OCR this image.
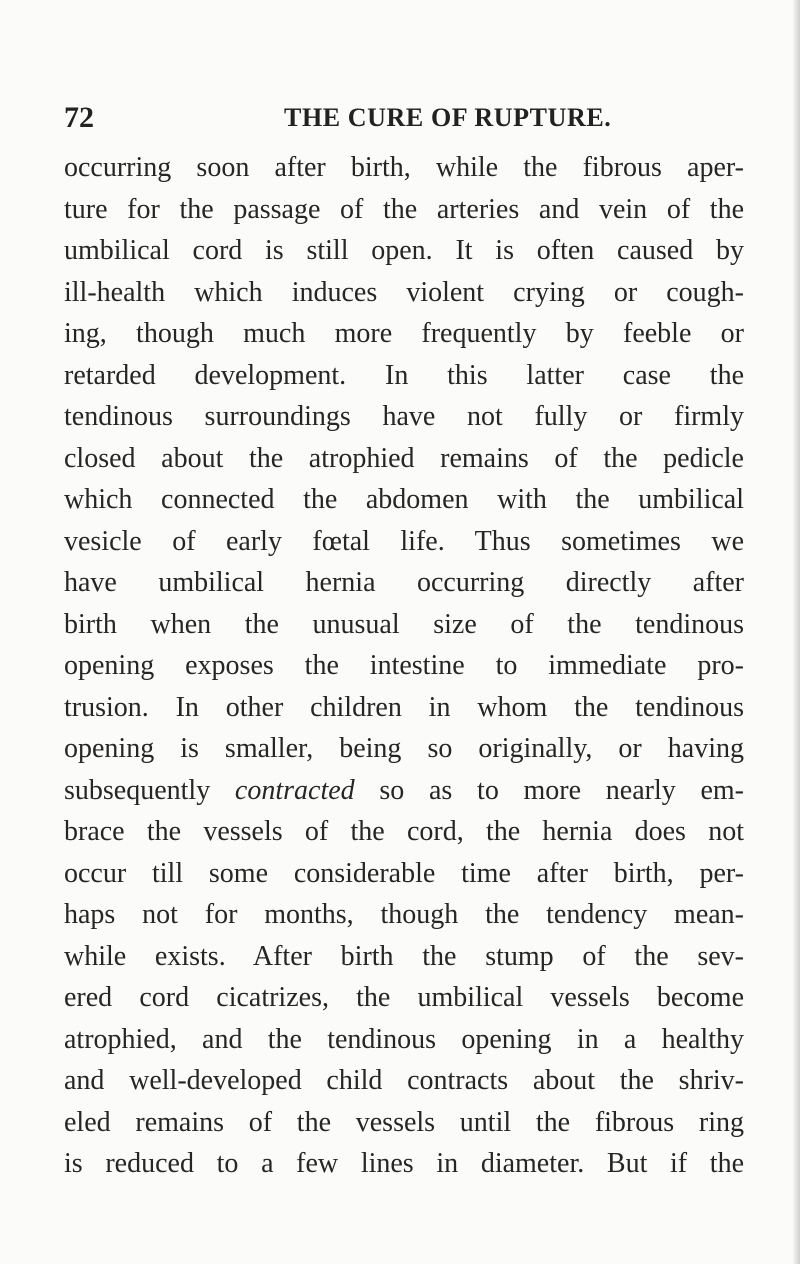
72	THE CURE OF RUPTURE.
occurring soon after birth, while the fibrous aper-
ture for the passage of the arteries and vein of the
umbilical cord is still open. It is often caused by
ill-health which induces violent crying or cough-
ing, though much more frequently by feeble or
retarded development. In this latter case the
tendinous surroundings have not fully or firmly
closed about the atrophied remains of the pedicle
which connected the abdomen with the umbilical
vesicle of early fœtal life. Thus sometimes we
have umbilical hernia occurring directly after
birth when the unusual size of the tendinous
opening exposes the intestine to immediate pro-
trusion. In other children in whom the tendinous
opening is smaller, being so originally, or having
subsequently contracted so as to more nearly em-
brace the vessels of the cord, the hernia does not
occur till some considerable time after birth, per-
haps not for months, though the tendency mean-
while exists. After birth the stump of the sev-
ered cord cicatrizes, the umbilical vessels become
atrophied, and the tendinous opening in a healthy
and well-developed child contracts about the shriv-
eled remains of the vessels until the fibrous ring
is reduced to a few lines in diameter. But if the
